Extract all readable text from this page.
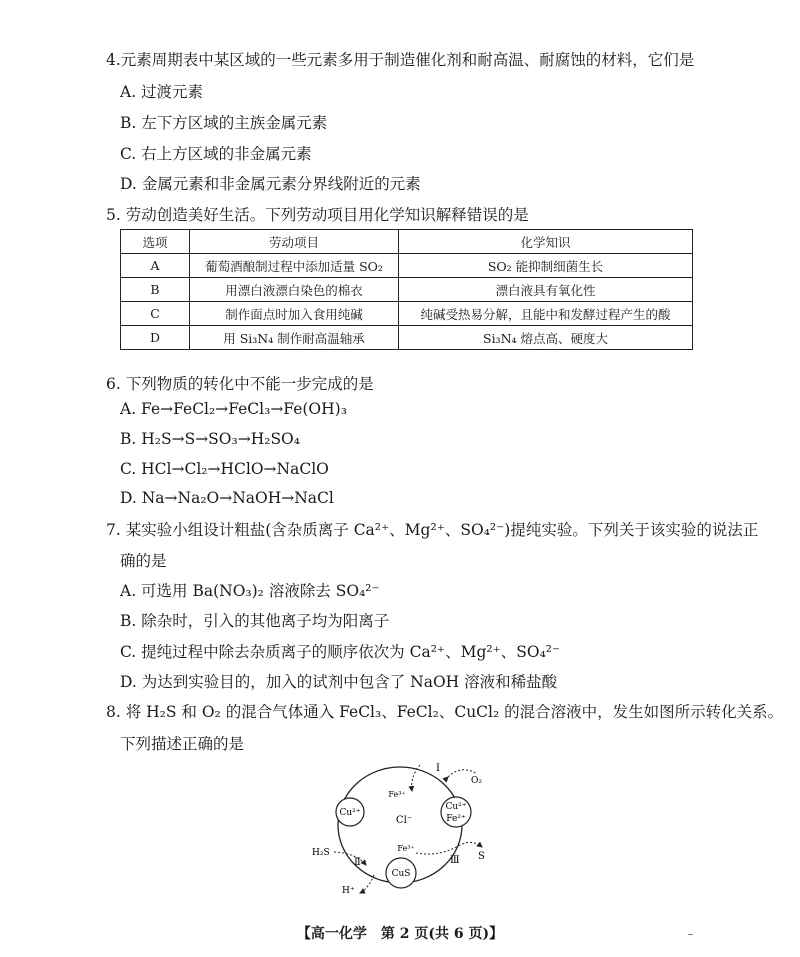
4.元素周期表中某区域的一些元素多用于制造催化剂和耐高温、耐腐蚀的材料，它们是
A. 过渡元素
B. 左下方区域的主族金属元素
C. 右上方区域的非金属元素
D. 金属元素和非金属元素分界线附近的元素
5. 劳动创造美好生活。下列劳动项目用化学知识解释错误的是
选项	劳动项目	化学知识
A	葡萄酒酿制过程中添加适量 SO₂	SO₂ 能抑制细菌生长
B	用漂白液漂白染色的棉衣	漂白液具有氧化性
C	制作面点时加入食用纯碱	纯碱受热易分解，且能中和发酵过程产生的酸
D	用 Si₃N₄ 制作耐高温轴承	Si₃N₄ 熔点高、硬度大
6. 下列物质的转化中不能一步完成的是
A. Fe→FeCl₂→FeCl₃→Fe(OH)₃
B. H₂S→S→SO₃→H₂SO₄
C. HCl→Cl₂→HClO→NaClO
D. Na→Na₂O→NaOH→NaCl
7. 某实验小组设计粗盐(含杂质离子 Ca²⁺、Mg²⁺、SO₄²⁻)提纯实验。下列关于该实验的说法正
确的是
A. 可选用 Ba(NO₃)₂ 溶液除去 SO₄²⁻
B. 除杂时，引入的其他离子均为阳离子
C. 提纯过程中除去杂质离子的顺序依次为 Ca²⁺、Mg²⁺、SO₄²⁻
D. 为达到实验目的，加入的试剂中包含了 NaOH 溶液和稀盐酸
8. 将 H₂S 和 O₂ 的混合气体通入 FeCl₃、FeCl₂、CuCl₂ 的混合溶液中，发生如图所示转化关系。
下列描述正确的是
Cu²⁺
Cu²⁺
Fe²⁺
CuS
Fe³⁺
Cl⁻
Fe³⁺
Ⅰ
O₂
Ⅲ S
H₂S
Ⅱ
H⁺
【高一化学　第 2 页(共 6 页)】	–
